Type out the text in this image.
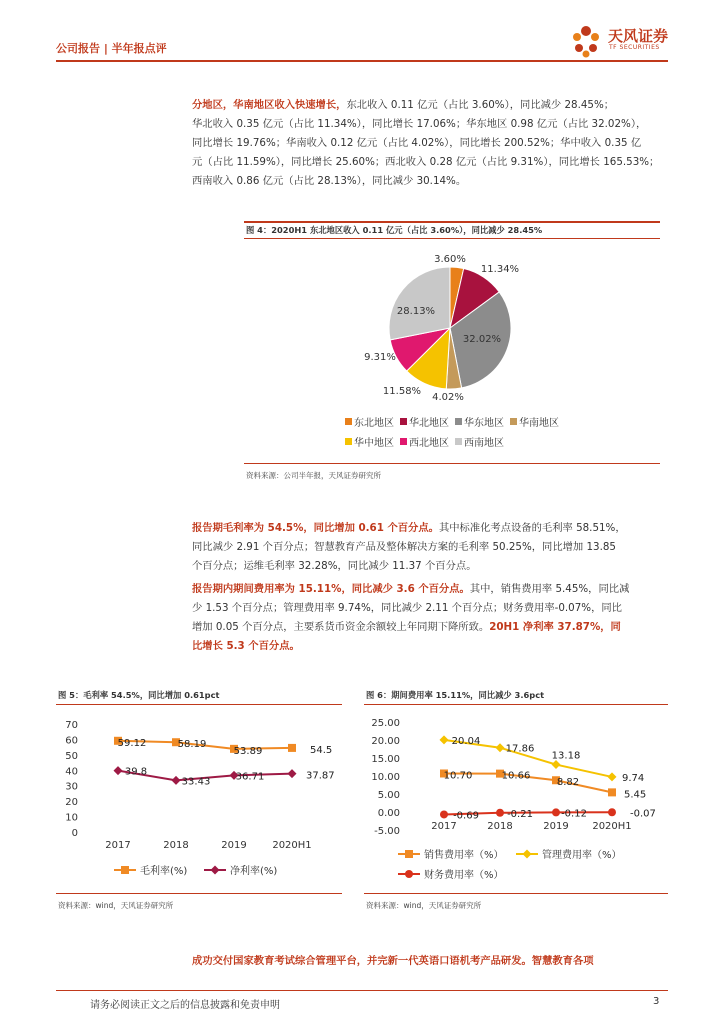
公司报告 | 半年报点评
天风证券
TF SECURITIES
分地区，华南地区收入快速增长，东北收入 0.11 亿元（占比 3.60%），同比减少 28.45%；
华北收入 0.35 亿元（占比 11.34%），同比增长 17.06%；华东地区 0.98 亿元（占比 32.02%），
同比增长 19.76%；华南收入 0.12 亿元（占比 4.02%），同比增长 200.52%；华中收入 0.35 亿
元（占比 11.59%），同比增长 25.60%；西北收入 0.28 亿元（占比 9.31%），同比增长 165.53%；
西南收入 0.86 亿元（占比 28.13%），同比减少 30.14%。
图 4：2020H1 东北地区收入 0.11 亿元（占比 3.60%），同比减少 28.45%
3.60%
11.34%
32.02%
4.02%
11.58%
9.31%
28.13%
东北地区 华北地区 华东地区 华南地区
华中地区 西北地区 西南地区
资料来源：公司半年报，天风证券研究所
报告期毛利率为 54.5%，同比增加 0.61 个百分点。其中标准化考点设备的毛利率 58.51%，
同比减少 2.91 个百分点；智慧教育产品及整体解决方案的毛利率 50.25%，同比增加 13.85
个百分点；运维毛利率 32.28%，同比减少 11.37 个百分点。
报告期内期间费用率为 15.11%，同比减少 3.6 个百分点。其中，销售费用率 5.45%，同比减
少 1.53 个百分点；管理费用率 9.74%，同比减少 2.11 个百分点；财务费用率-0.07%，同比
增加 0.05 个百分点，主要系货币资金余额较上年同期下降所致。20H1 净利率 37.87%，同
比增长 5.3 个百分点。
图 5：毛利率 54.5%，同比增加 0.61pct
0
10
20
30
40
50
60
70
2017	2018	2019	2020H1
59.12	58.19
53.89	54.5
39.8
33.43	36.71	37.87
毛利率(%)	净利率(%)
资料来源：wind，天风证券研究所
图 6：期间费用率 15.11%，同比减少 3.6pct
-5.00
0.00
5.00
10.00
15.00
20.00
25.00
2017	2018	2019 2020H1
10.70	10.66
8.82
5.45
20.04
17.86
13.18
9.74
-0.69	-0.21	-0.12	-0.07
销售费用率（%）	管理费用率（%）
财务费用率（%）
资料来源：wind，天风证券研究所
成功交付国家教育考试综合管理平台，并完新一代英语口语机考产品研发。智慧教育各项
请务必阅读正文之后的信息披露和免责申明	3
